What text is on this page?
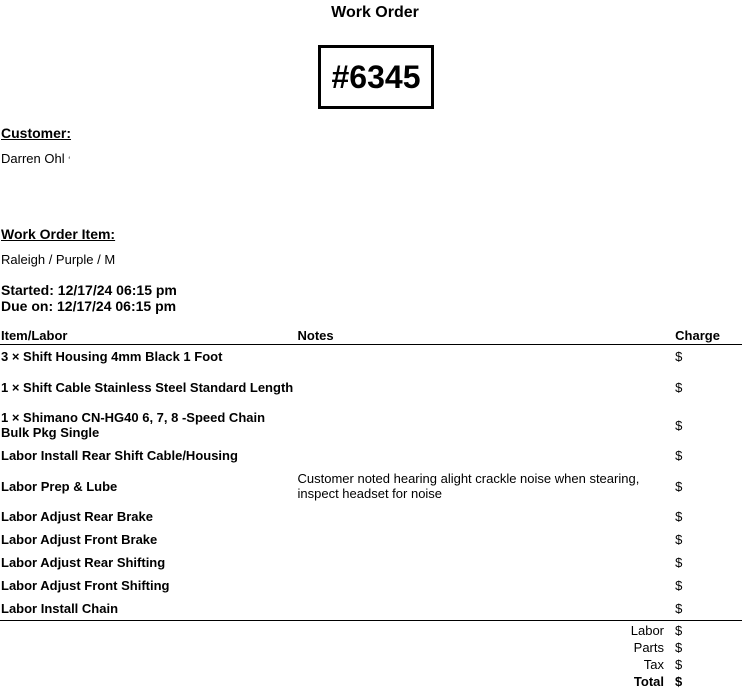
Work Order
#6345
Customer:
Darren Ohl ‘
Work Order Item:
Raleigh / Purple / M
Started: 12/17/24 06:15 pm
Due on: 12/17/24 06:15 pm
Item/Labor	Notes	Charge
3 × Shift Housing 4mm Black 1 Foot		$
1 × Shift Cable Stainless Steel Standard Length		$
1 × Shimano CN-HG40 6, 7, 8 -Speed Chain Bulk Pkg Single		$
Labor Install Rear Shift Cable/Housing		$
Labor Prep & Lube	Customer noted hearing alight crackle noise when stearing, inspect headset for noise	$
Labor Adjust Rear Brake		$
Labor Adjust Front Brake		$
Labor Adjust Rear Shifting		$
Labor Adjust Front Shifting		$
Labor Install Chain		$
Labor $
Parts $
Tax $
Total $
